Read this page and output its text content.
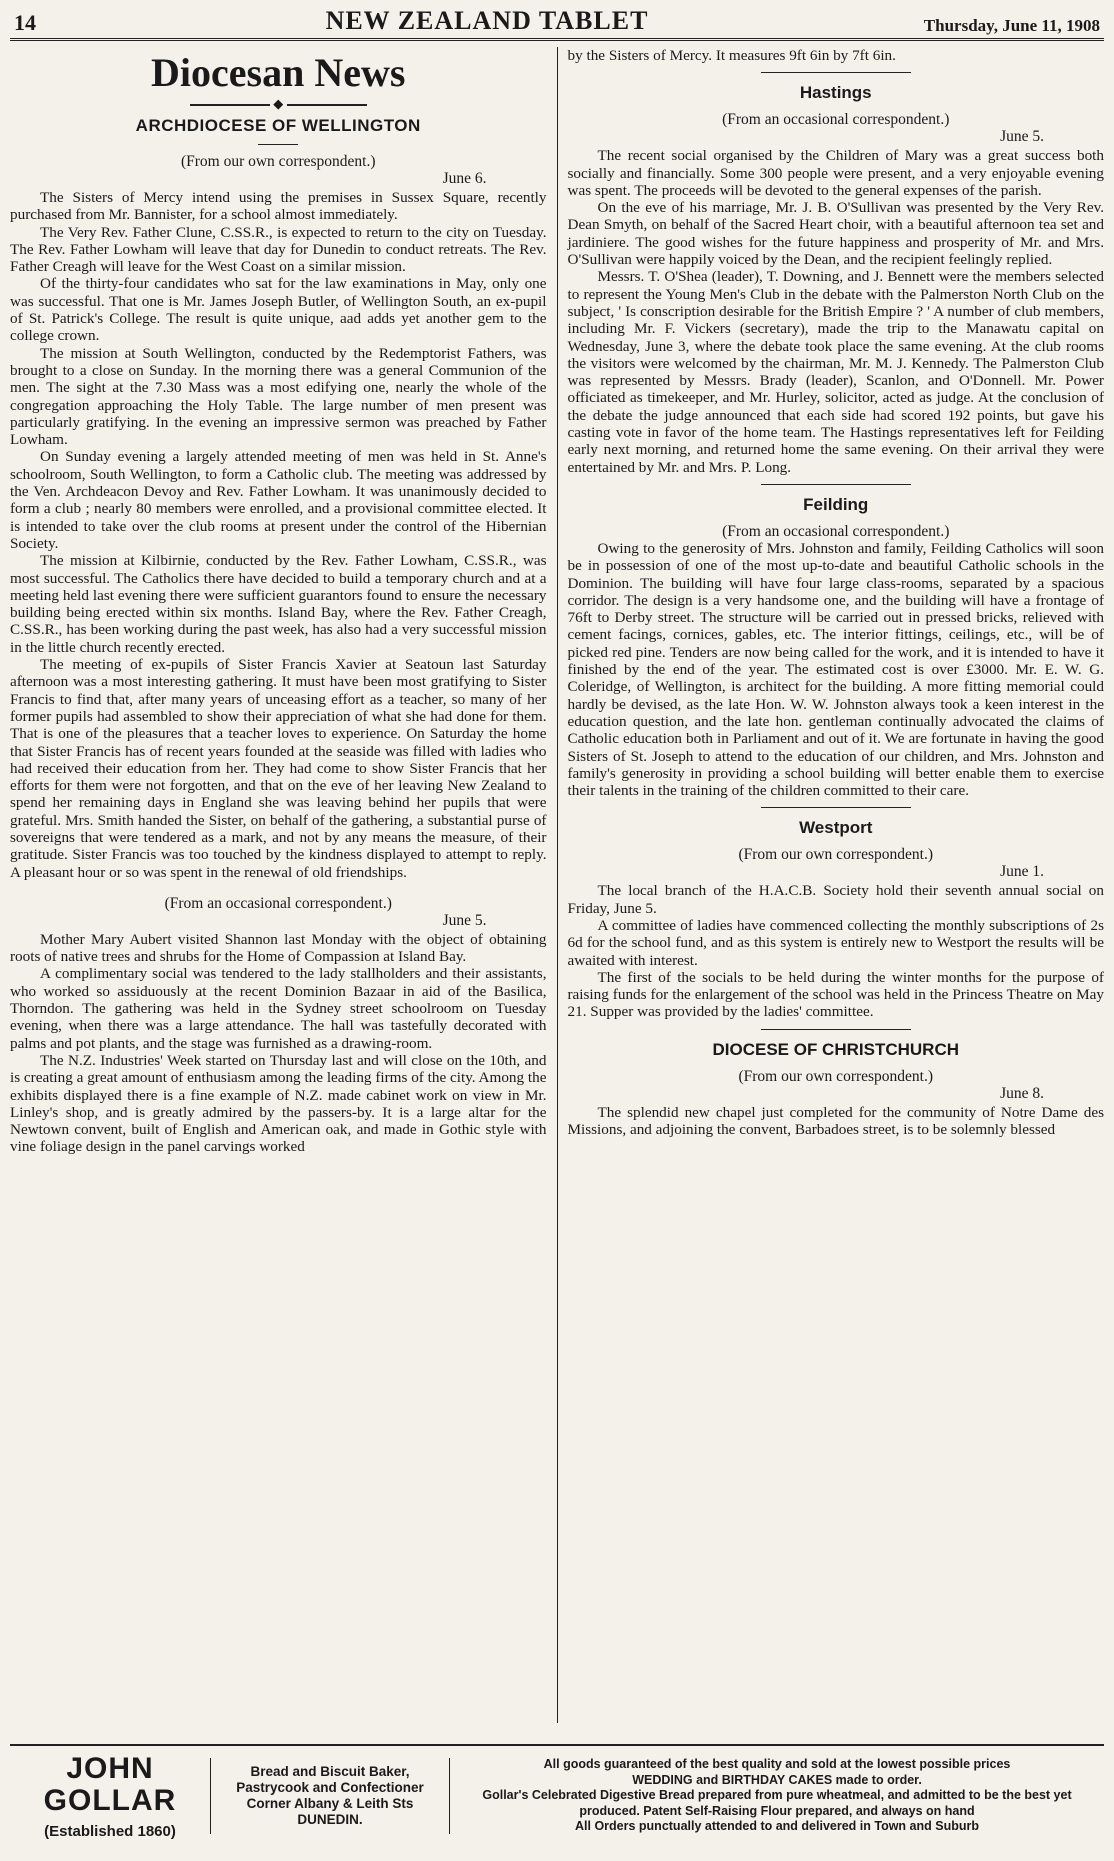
14	NEW ZEALAND TABLET	Thursday, June 11, 1908
Diocesan News
◆
ARCHDIOCESE OF WELLINGTON
(From our own correspondent.)
June 6.

The Sisters of Mercy intend using the premises in Sussex Square, recently purchased from Mr. Bannister, for a school almost immediately.

The Very Rev. Father Clune, C.SS.R., is expected to return to the city on Tuesday. The Rev. Father Lowham will leave that day for Dunedin to conduct retreats. The Rev. Father Creagh will leave for the West Coast on a similar mission.

Of the thirty-four candidates who sat for the law examinations in May, only one was successful. That one is Mr. James Joseph Butler, of Wellington South, an ex-pupil of St. Patrick's College. The result is quite unique, aad adds yet another gem to the college crown.

The mission at South Wellington, conducted by the Redemptorist Fathers, was brought to a close on Sunday. In the morning there was a general Communion of the men. The sight at the 7.30 Mass was a most edifying one, nearly the whole of the congregation approaching the Holy Table. The large number of men present was particularly gratifying. In the evening an impressive sermon was preached by Father Lowham.

On Sunday evening a largely attended meeting of men was held in St. Anne's schoolroom, South Wellington, to form a Catholic club. The meeting was addressed by the Ven. Archdeacon Devoy and Rev. Father Lowham. It was unanimously decided to form a club ; nearly 80 members were enrolled, and a provisional committee elected. It is intended to take over the club rooms at present under the control of the Hibernian Society.

The mission at Kilbirnie, conducted by the Rev. Father Lowham, C.SS.R., was most successful. The Catholics there have decided to build a temporary church and at a meeting held last evening there were sufficient guarantors found to ensure the necessary building being erected within six months. Island Bay, where the Rev. Father Creagh, C.SS.R., has been working during the past week, has also had a very successful mission in the little church recently erected.

The meeting of ex-pupils of Sister Francis Xavier at Seatoun last Saturday afternoon was a most interesting gathering. It must have been most gratifying to Sister Francis to find that, after many years of unceasing effort as a teacher, so many of her former pupils had assembled to show their appreciation of what she had done for them. That is one of the pleasures that a teacher loves to experience. On Saturday the home that Sister Francis has of recent years founded at the seaside was filled with ladies who had received their education from her. They had come to show Sister Francis that her efforts for them were not forgotten, and that on the eve of her leaving New Zealand to spend her remaining days in England she was leaving behind her pupils that were grateful. Mrs. Smith handed the Sister, on behalf of the gathering, a substantial purse of sovereigns that were tendered as a mark, and not by any means the measure, of their gratitude. Sister Francis was too touched by the kindness displayed to attempt to reply. A pleasant hour or so was spent in the renewal of old friendships.

(From an occasional correspondent.)
June 5.

Mother Mary Aubert visited Shannon last Monday with the object of obtaining roots of native trees and shrubs for the Home of Compassion at Island Bay.

A complimentary social was tendered to the lady stallholders and their assistants, who worked so assiduously at the recent Dominion Bazaar in aid of the Basilica, Thorndon. The gathering was held in the Sydney street schoolroom on Tuesday evening, when there was a large attendance. The hall was tastefully decorated with palms and pot plants, and the stage was furnished as a drawing-room.

The N.Z. Industries' Week started on Thursday last and will close on the 10th, and is creating a great amount of enthusiasm among the leading firms of the city. Among the exhibits displayed there is a fine example of N.Z. made cabinet work on view in Mr. Linley's shop, and is greatly admired by the passers-by. It is a large altar for the Newtown convent, built of English and American oak, and made in Gothic style with vine foliage design in the panel carvings worked

by the Sisters of Mercy. It measures 9ft 6in by 7ft 6in.

Hastings
(From an occasional correspondent.)
June 5.

The recent social organised by the Children of Mary was a great success both socially and financially. Some 300 people were present, and a very enjoyable evening was spent. The proceeds will be devoted to the general expenses of the parish.

On the eve of his marriage, Mr. J. B. O'Sullivan was presented by the Very Rev. Dean Smyth, on behalf of the Sacred Heart choir, with a beautiful afternoon tea set and jardiniere. The good wishes for the future happiness and prosperity of Mr. and Mrs. O'Sullivan were happily voiced by the Dean, and the recipient feelingly replied.

Messrs. T. O'Shea (leader), T. Downing, and J. Bennett were the members selected to represent the Young Men's Club in the debate with the Palmerston North Club on the subject, ' Is conscription desirable for the British Empire ? ' A number of club members, including Mr. F. Vickers (secretary), made the trip to the Manawatu capital on Wednesday, June 3, where the debate took place the same evening. At the club rooms the visitors were welcomed by the chairman, Mr. M. J. Kennedy. The Palmerston Club was represented by Messrs. Brady (leader), Scanlon, and O'Donnell. Mr. Power officiated as timekeeper, and Mr. Hurley, solicitor, acted as judge. At the conclusion of the debate the judge announced that each side had scored 192 points, but gave his casting vote in favor of the home team. The Hastings representatives left for Feilding early next morning, and returned home the same evening. On their arrival they were entertained by Mr. and Mrs. P. Long.

Feilding
(From an occasional correspondent.)

Owing to the generosity of Mrs. Johnston and family, Feilding Catholics will soon be in possession of one of the most up-to-date and beautiful Catholic schools in the Dominion. The building will have four large class-rooms, separated by a spacious corridor. The design is a very handsome one, and the building will have a frontage of 76ft to Derby street. The structure will be carried out in pressed bricks, relieved with cement facings, cornices, gables, etc. The interior fittings, ceilings, etc., will be of picked red pine. Tenders are now being called for the work, and it is intended to have it finished by the end of the year. The estimated cost is over £3000. Mr. E. W. G. Coleridge, of Wellington, is architect for the building. A more fitting memorial could hardly be devised, as the late Hon. W. W. Johnston always took a keen interest in the education question, and the late hon. gentleman continually advocated the claims of Catholic education both in Parliament and out of it. We are fortunate in having the good Sisters of St. Joseph to attend to the education of our children, and Mrs. Johnston and family's generosity in providing a school building will better enable them to exercise their talents in the training of the children committed to their care.

Westport
(From our own correspondent.)
June 1.

The local branch of the H.A.C.B. Society hold their seventh annual social on Friday, June 5.

A committee of ladies have commenced collecting the monthly subscriptions of 2s 6d for the school fund, and as this system is entirely new to Westport the results will be awaited with interest.

The first of the socials to be held during the winter months for the purpose of raising funds for the enlargement of the school was held in the Princess Theatre on May 21. Supper was provided by the ladies' committee.

DIOCESE OF CHRISTCHURCH
(From our own correspondent.)
June 8.

The splendid new chapel just completed for the community of Notre Dame des Missions, and adjoining the convent, Barbadoes street, is to be solemnly blessed

JOHN GOLLAR
(Established 1860)
Bread and Biscuit Baker,
Pastrycook and Confectioner
Corner Albany & Leith Sts
DUNEDIN.
All goods guaranteed of the best quality and sold at the lowest possible prices
WEDDING and BIRTHDAY CAKES made to order.
Gollar's Celebrated Digestive Bread prepared from pure wheatmeal, and admitted to be the best yet produced. Patent Self-Raising Flour prepared, and always on hand
All Orders punctually attended to and delivered in Town and Suburb
